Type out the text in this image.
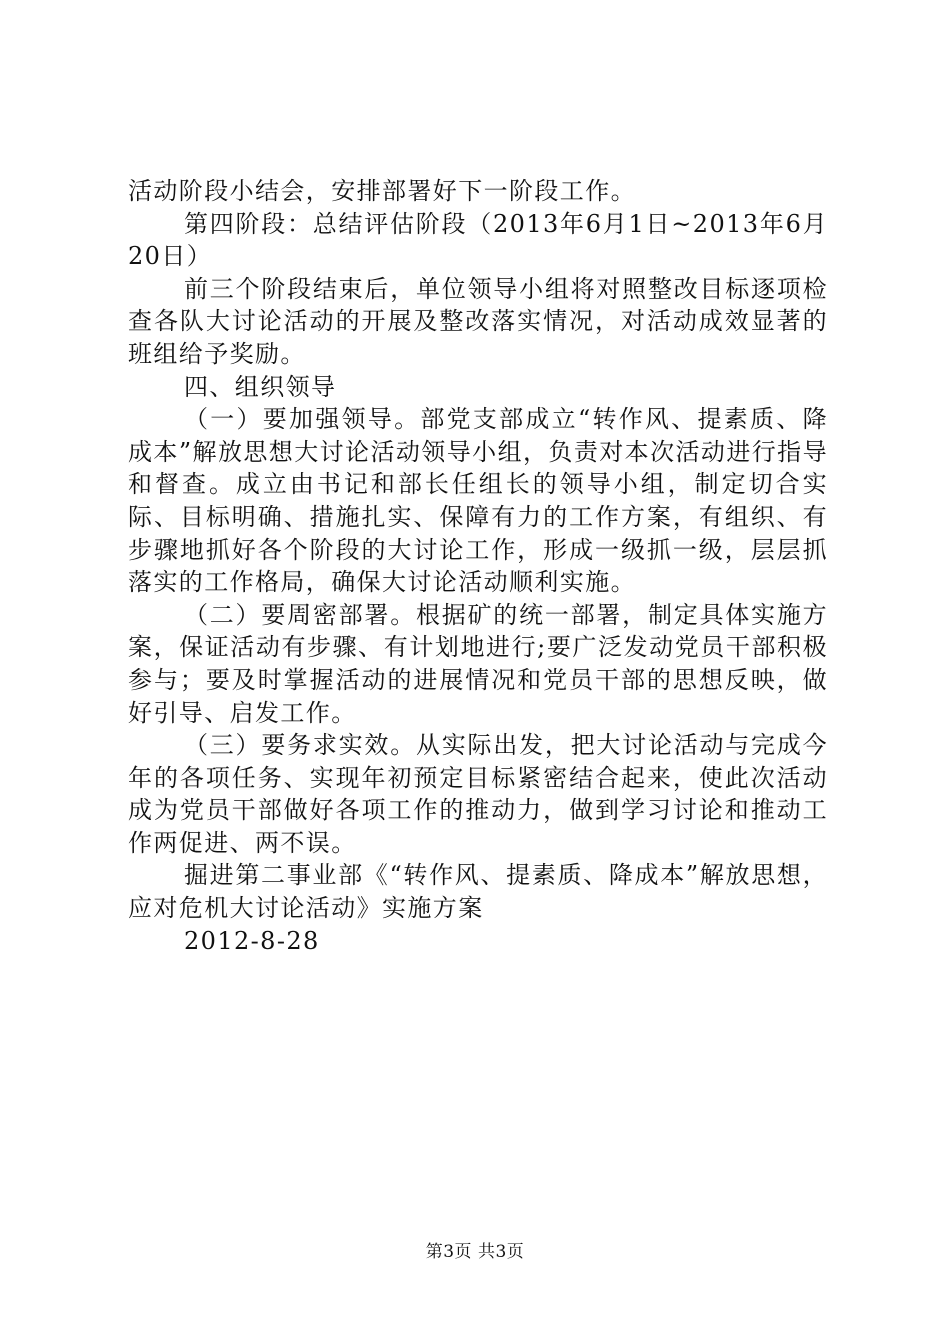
活动阶段小结会，安排部署好下一阶段工作。

第四阶段：总结评估阶段（2013年6月1日~2013年6月20日）

前三个阶段结束后，单位领导小组将对照整改目标逐项检查各队大讨论活动的开展及整改落实情况，对活动成效显著的班组给予奖励。

四、组织领导

（一）要加强领导。部党支部成立“转作风、提素质、降成本”解放思想大讨论活动领导小组，负责对本次活动进行指导和督查。成立由书记和部长任组长的领导小组，制定切合实际、目标明确、措施扎实、保障有力的工作方案，有组织、有步骤地抓好各个阶段的大讨论工作，形成一级抓一级，层层抓落实的工作格局，确保大讨论活动顺利实施。

（二）要周密部署。根据矿的统一部署，制定具体实施方案，保证活动有步骤、有计划地进行;要广泛发动党员干部积极参与；要及时掌握活动的进展情况和党员干部的思想反映，做好引导、启发工作。

（三）要务求实效。从实际出发，把大讨论活动与完成今年的各项任务、实现年初预定目标紧密结合起来，使此次活动成为党员干部做好各项工作的推动力，做到学习讨论和推动工作两促进、两不误。

掘进第二事业部《“转作风、提素质、降成本”解放思想，应对危机大讨论活动》实施方案

2012-8-28

第3页 共3页
